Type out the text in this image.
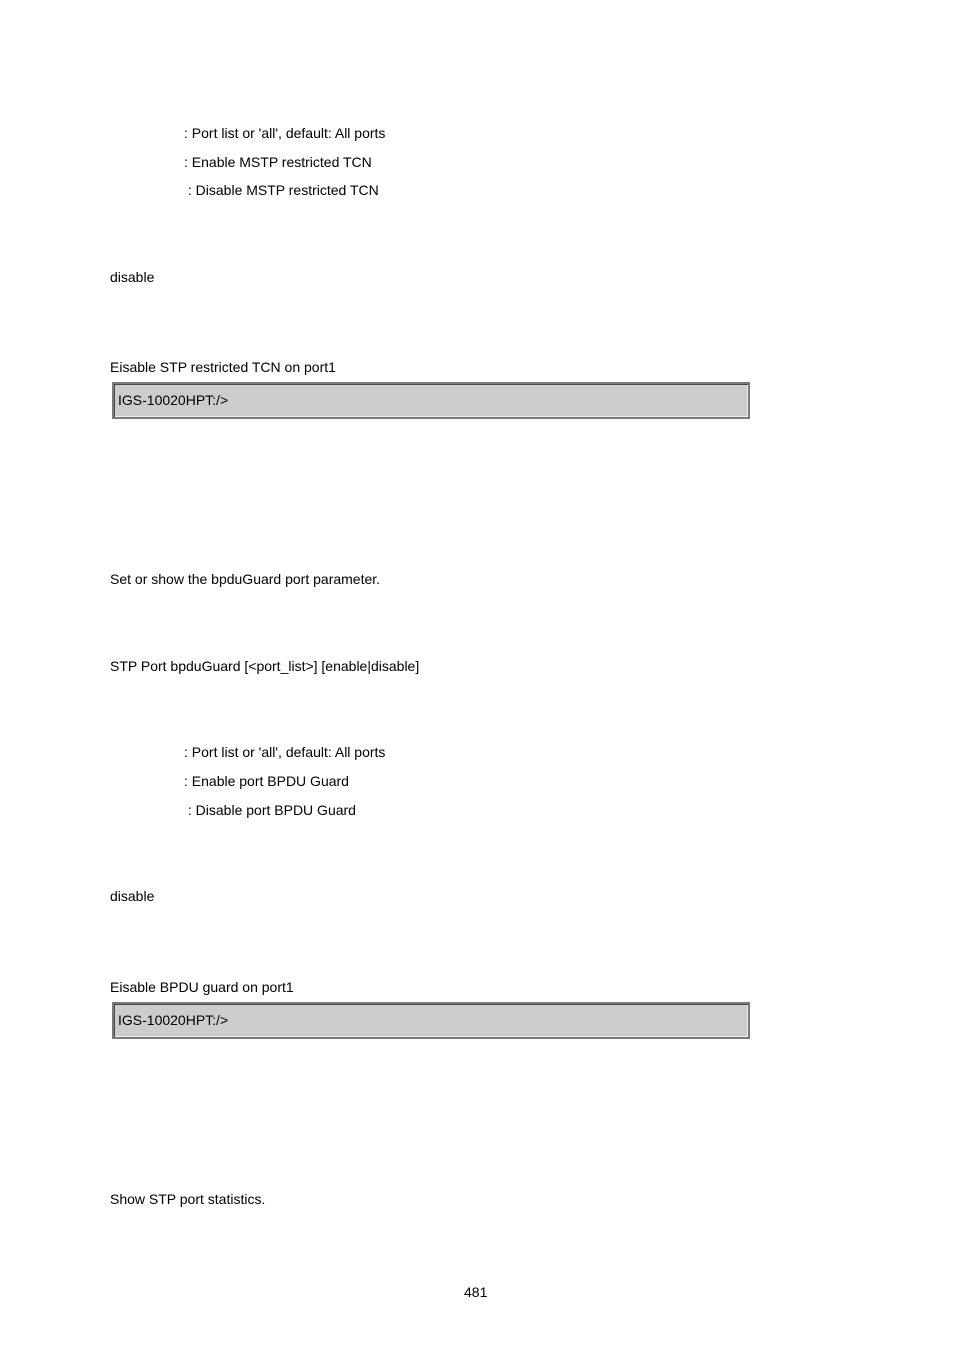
: Port list or 'all', default: All ports
: Enable MSTP restricted TCN
: Disable MSTP restricted TCN
disable
Eisable STP restricted TCN on port1
IGS-10020HPT:/>
Set or show the bpduGuard port parameter.
STP Port bpduGuard [<port_list>] [enable|disable]
: Port list or 'all', default: All ports
: Enable port BPDU Guard
: Disable port BPDU Guard
disable
Eisable BPDU guard on port1
IGS-10020HPT:/>
Show STP port statistics.
481
